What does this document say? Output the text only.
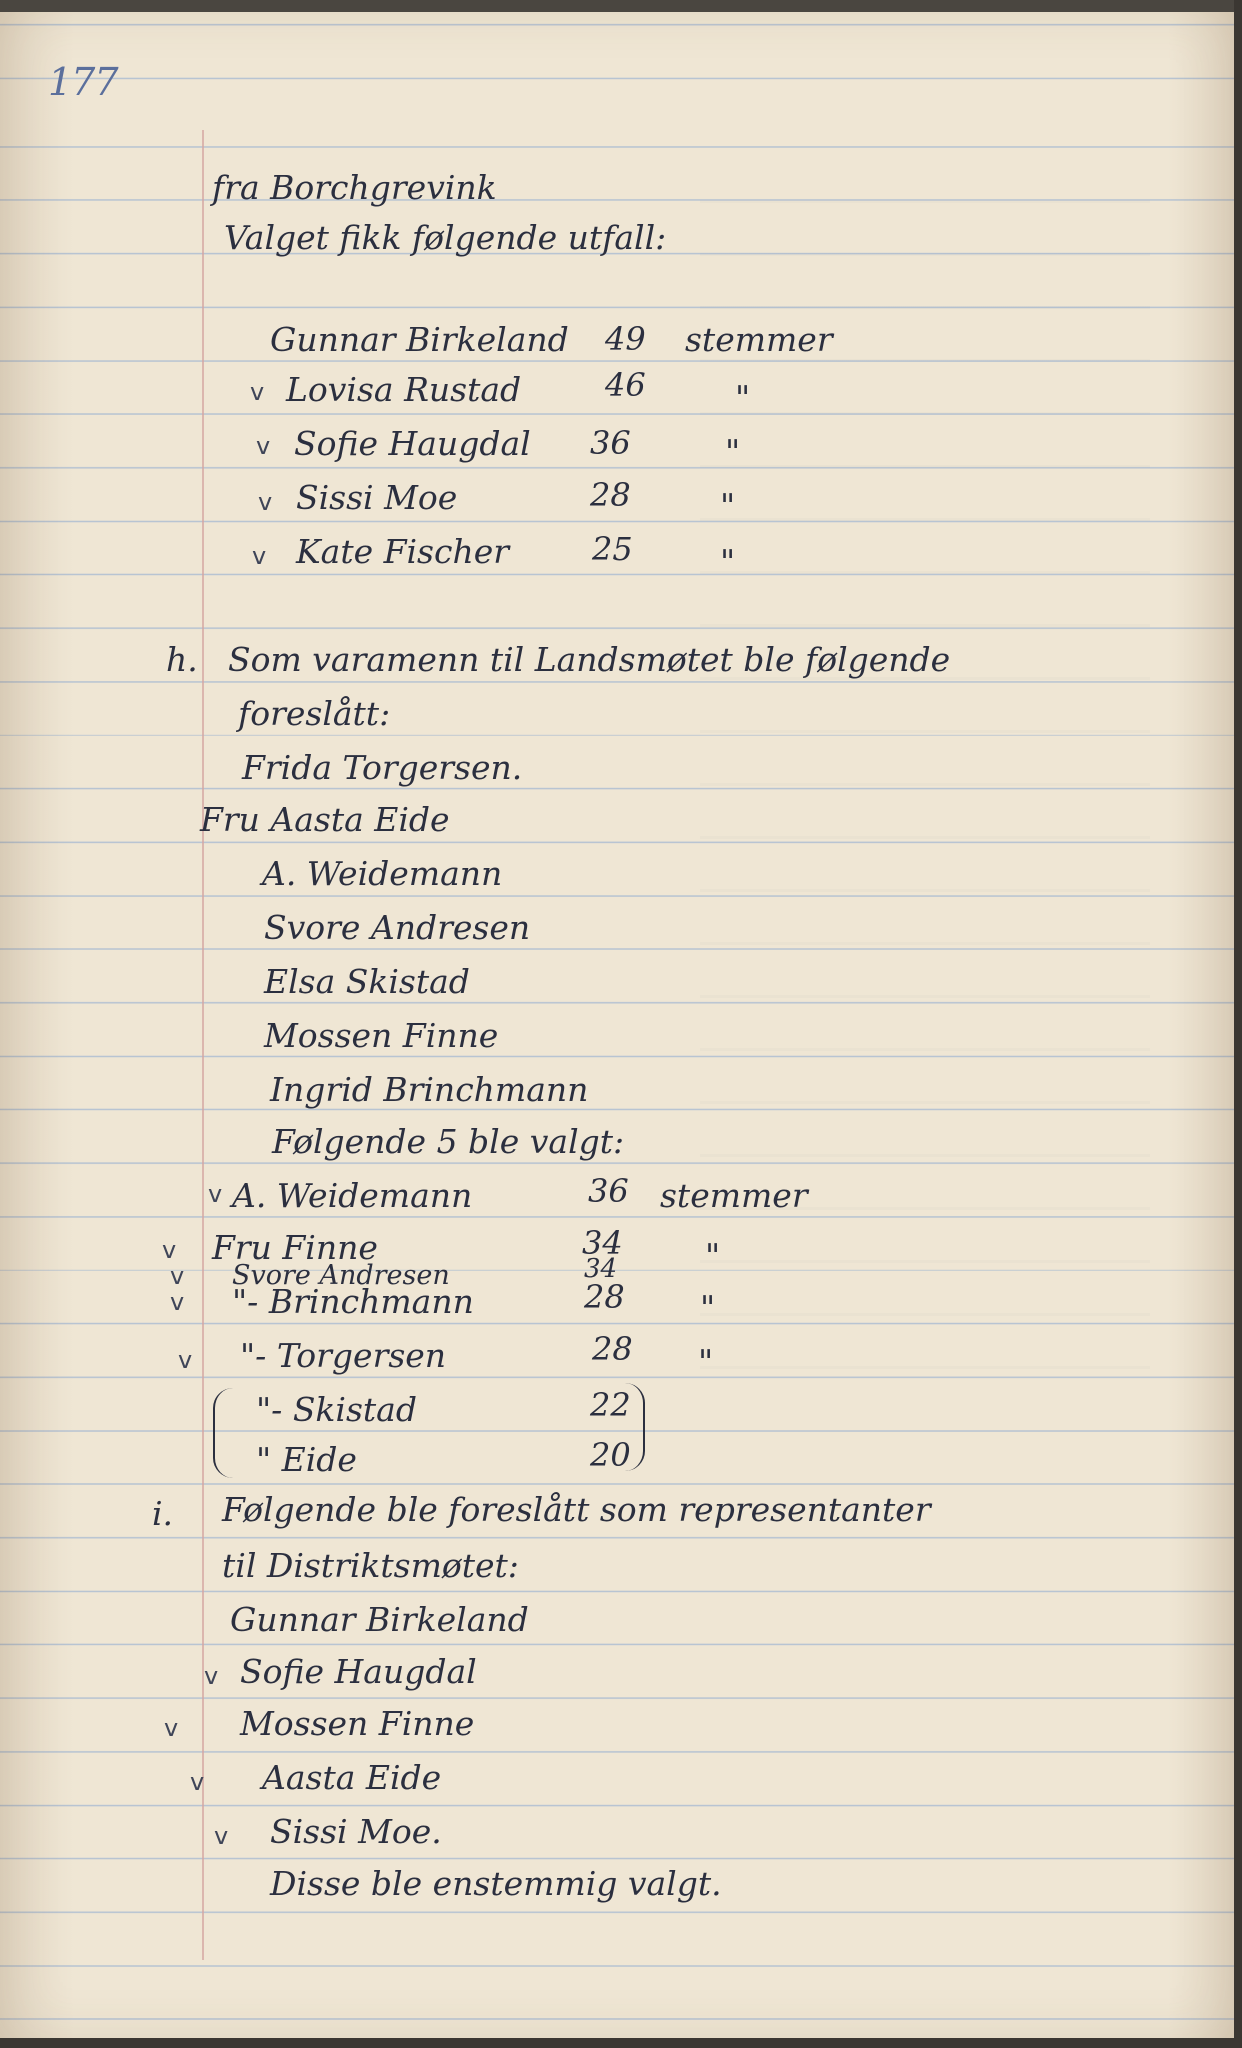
177
fra Borchgrevink
Valget fikk følgende utfall:
Gunnar Birkeland 49 stemmer
v Lovisa Rustad	46	"
v Sofie Haugdal 36	"
v Sissi Moe	28	"
v Kate Fischer	25	"
h. Som varamenn til Landsmøtet ble følgende
foreslått:
Frida Torgersen.
Fru Aasta Eide
A. Weidemann
Svore Andresen
Elsa Skistad
Mossen Finne
Ingrid Brinchmann
Følgende 5 ble valgt:
v A. Weidemann	36 stemmer
v Fru Finne	34 "
v Svore Andresen	34
v "- Brinchmann	28 "
v "- Torgersen	28 "
"- Skistad	22
" Eide	20
i. Følgende ble foreslått som representanter
til Distriktsmøtet:
Gunnar Birkeland
v Sofie Haugdal
v Mossen Finne
v Aasta Eide
v Sissi Moe.
Disse ble enstemmig valgt.
